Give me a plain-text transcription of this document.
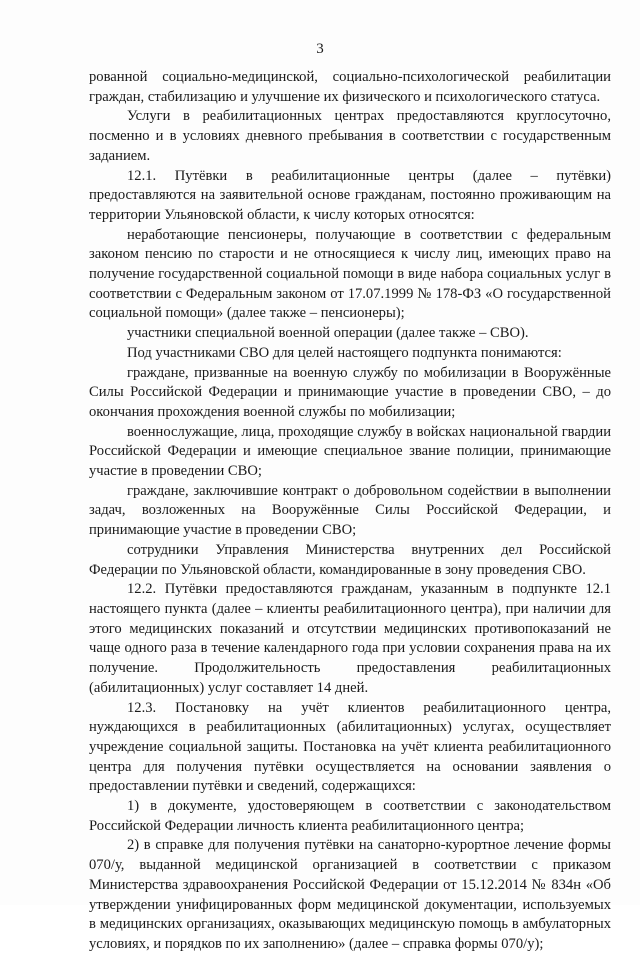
3

рованной социально-медицинской, социально-психологической реабилитации граждан, стабилизацию и улучшение их физического и психологического статуса.

Услуги в реабилитационных центрах предоставляются круглосуточно, посменно и в условиях дневного пребывания в соответствии с государственным заданием.

12.1. Путёвки в реабилитационные центры (далее – путёвки) предоставляются на заявительной основе гражданам, постоянно проживающим на территории Ульяновской области, к числу которых относятся:

неработающие пенсионеры, получающие в соответствии с федеральным законом пенсию по старости и не относящиеся к числу лиц, имеющих право на получение государственной социальной помощи в виде набора социальных услуг в соответствии с Федеральным законом от 17.07.1999 № 178-ФЗ «О государственной социальной помощи» (далее также – пенсионеры);

участники специальной военной операции (далее также – СВО).

Под участниками СВО для целей настоящего подпункта понимаются:

граждане, призванные на военную службу по мобилизации в Вооружённые Силы Российской Федерации и принимающие участие в проведении СВО, – до окончания прохождения военной службы по мобилизации;

военнослужащие, лица, проходящие службу в войсках национальной гвардии Российской Федерации и имеющие специальное звание полиции, принимающие участие в проведении СВО;

граждане, заключившие контракт о добровольном содействии в выполнении задач, возложенных на Вооружённые Силы Российской Федерации, и принимающие участие в проведении СВО;

сотрудники Управления Министерства внутренних дел Российской Федерации по Ульяновской области, командированные в зону проведения СВО.

12.2. Путёвки предоставляются гражданам, указанным в подпункте 12.1 настоящего пункта (далее – клиенты реабилитационного центра), при наличии для этого медицинских показаний и отсутствии медицинских противопоказаний не чаще одного раза в течение календарного года при условии сохранения права на их получение. Продолжительность предоставления реабилитационных (абилитационных) услуг составляет 14 дней.

12.3. Постановку на учёт клиентов реабилитационного центра, нуждающихся в реабилитационных (абилитационных) услугах, осуществляет учреждение социальной защиты. Постановка на учёт клиента реабилитационного центра для получения путёвки осуществляется на основании заявления о предоставлении путёвки и сведений, содержащихся:

1) в документе, удостоверяющем в соответствии с законодательством Российской Федерации личность клиента реабилитационного центра;

2) в справке для получения путёвки на санаторно-курортное лечение формы 070/у, выданной медицинской организацией в соответствии с приказом Министерства здравоохранения Российской Федерации от 15.12.2014 № 834н «Об утверждении унифицированных форм медицинской документации, используемых в медицинских организациях, оказывающих медицинскую помощь в амбулаторных условиях, и порядков по их заполнению» (далее – справка формы 070/у);
